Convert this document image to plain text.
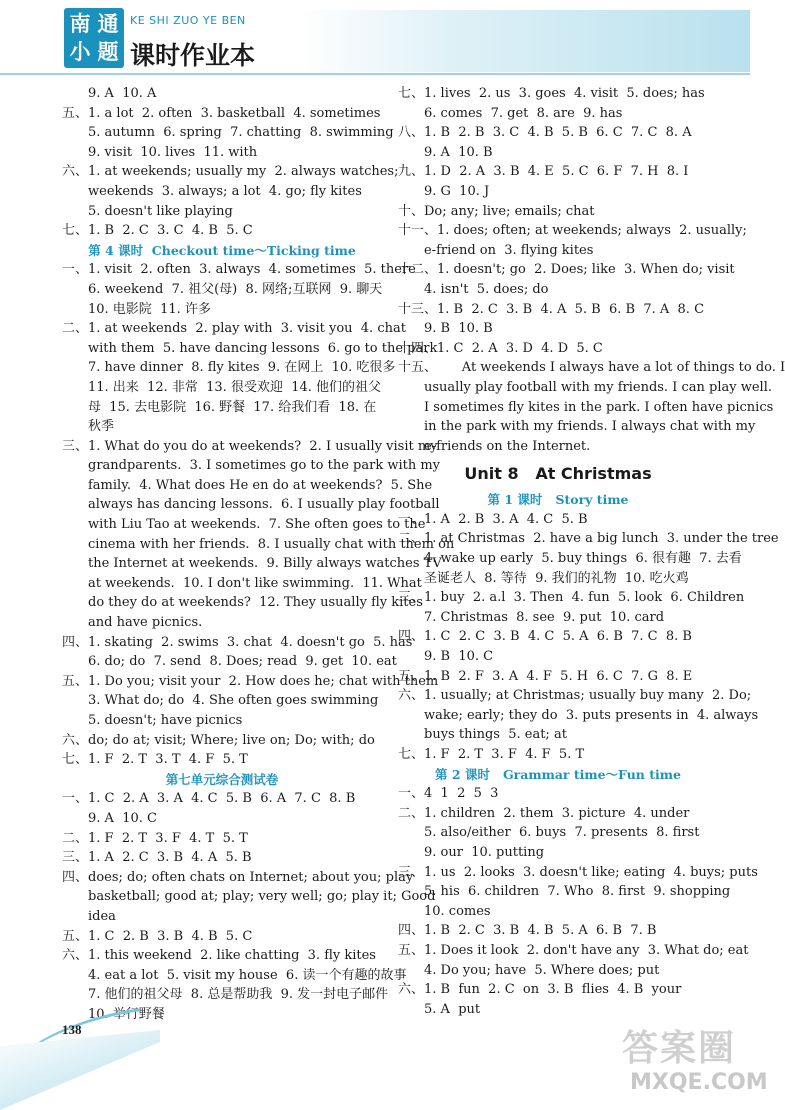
南 通
小 题
KE SHI ZUO YE BEN
课时作业本
9. A  10. A
五、1. a lot  2. often  3. basketball  4. sometimes
5. autumn  6. spring  7. chatting  8. swimming
9. visit  10. lives  11. with
六、1. at weekends; usually my  2. always watches;
weekends  3. always; a lot  4. go; fly kites
5. doesn't like playing
七、1. B  2. C  3. C  4. B  5. C
第 4 课时  Checkout time～Ticking time
一、1. visit  2. often  3. always  4. sometimes  5. there
6. weekend  7. 祖父(母)  8. 网络;互联网  9. 聊天
10. 电影院  11. 许多
二、1. at weekends  2. play with  3. visit you  4. chat
with them  5. have dancing lessons  6. go to the park
7. have dinner  8. fly kites  9. 在网上  10. 吃很多
11. 出来  12. 非常  13. 很受欢迎  14. 他们的祖父
母  15. 去电影院  16. 野餐  17. 给我们看  18. 在
秋季
三、1. What do you do at weekends?  2. I usually visit my
grandparents.  3. I sometimes go to the park with my
family.  4. What does He en do at weekends?  5. She
always has dancing lessons.  6. I usually play football
with Liu Tao at weekends.  7. She often goes to the
cinema with her friends.  8. I usually chat with them on
the Internet at weekends.  9. Billy always watches TV
at weekends.  10. I don't like swimming.  11. What
do they do at weekends?  12. They usually fly kites
and have picnics.
四、1. skating  2. swims  3. chat  4. doesn't go  5. has
6. do; do  7. send  8. Does; read  9. get  10. eat
五、1. Do you; visit your  2. How does he; chat with them
3. What do; do  4. She often goes swimming
5. doesn't; have picnics
六、do; do at; visit; Where; live on; Do; with; do
七、1. F  2. T  3. T  4. F  5. T
第七单元综合测试卷
一、1. C  2. A  3. A  4. C  5. B  6. A  7. C  8. B
9. A  10. C
二、1. F  2. T  3. F  4. T  5. T
三、1. A  2. C  3. B  4. A  5. B
四、does; do; often chats on Internet; about you; play
basketball; good at; play; very well; go; play it; Good
idea
五、1. C  2. B  3. B  4. B  5. C
六、1. this weekend  2. like chatting  3. fly kites
4. eat a lot  5. visit my house  6. 读一个有趣的故事
7. 他们的祖父母  8. 总是帮助我  9. 发一封电子邮件
10. 举行野餐
七、1. lives  2. us  3. goes  4. visit  5. does; has
6. comes  7. get  8. are  9. has
八、1. B  2. B  3. C  4. B  5. B  6. C  7. C  8. A
9. A  10. B
九、1. D  2. A  3. B  4. E  5. C  6. F  7. H  8. I
9. G  10. J
十、Do; any; live; emails; chat
十一、1. does; often; at weekends; always  2. usually;
e-friend on  3. flying kites
十二、1. doesn't; go  2. Does; like  3. When do; visit
4. isn't  5. does; do
十三、1. B  2. C  3. B  4. A  5. B  6. B  7. A  8. C
9. B  10. B
十四、1. C  2. A  3. D  4. D  5. C
十五、      At weekends I always have a lot of things to do. I
usually play football with my friends. I can play well.
I sometimes fly kites in the park. I often have picnics
in the park with my friends. I always chat with my
e-friends on the Internet.
Unit 8   At Christmas
第 1 课时   Story time
一、1. A  2. B  3. A  4. C  5. B
二、1. at Christmas  2. have a big lunch  3. under the tree
4. wake up early  5. buy things  6. 很有趣  7. 去看
圣诞老人  8. 等待  9. 我们的礼物  10. 吃火鸡
三、1. buy  2. a.l  3. Then  4. fun  5. look  6. Children
7. Christmas  8. see  9. put  10. card
四、1. C  2. C  3. B  4. C  5. A  6. B  7. C  8. B
9. B  10. C
五、1. B  2. F  3. A  4. F  5. H  6. C  7. G  8. E
六、1. usually; at Christmas; usually buy many  2. Do;
wake; early; they do  3. puts presents in  4. always
buys things  5. eat; at
七、1. F  2. T  3. F  4. F  5. T
第 2 课时   Grammar time～Fun time
一、4  1  2  5  3
二、1. children  2. them  3. picture  4. under
5. also/either  6. buys  7. presents  8. first
9. our  10. putting
三、1. us  2. looks  3. doesn't like; eating  4. buys; puts
5. his  6. children  7. Who  8. first  9. shopping
10. comes
四、1. B  2. C  3. B  4. B  5. A  6. B  7. B
五、1. Does it look  2. don't have any  3. What do; eat
4. Do you; have  5. Where does; put
六、1. B  fun  2. C  on  3. B  flies  4. B  your
5. A  put
138	答案圈
MXQE.COM
